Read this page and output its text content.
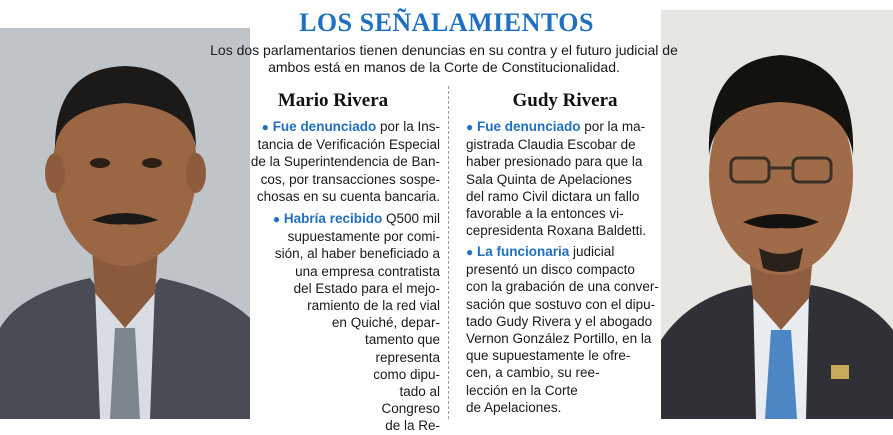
LOS SEÑALAMIENTOS
Los dos parlamentarios tienen denuncias en su contra y el futuro judicial de ambos está en manos de la Corte de Constitucionalidad.
Mario Rivera	Gudy Rivera

● Fue denunciado por la Ins-

tancia de Verificación Especial

de la Superintendencia de Ban-

cos, por transacciones sospe-

chosas en su cuenta bancaria.

● Habría recibido Q500 mil

supuestamente por comi-

sión, al haber beneficiado a

una empresa contratista

del Estado para el mejo-

ramiento de la red vial

en Quiché, depar-

tamento que

representa

como dipu-

tado al

Congreso

de la Re-

● Fue denunciado por la ma-

gistrada Claudia Escobar de

haber presionado para que la

Sala Quinta de Apelaciones

del ramo Civil dictara un fallo

favorable a la entonces vi-

cepresidenta Roxana Baldetti.

● La funcionaria judicial

presentó un disco compacto

con la grabación de una conver-

sación que sostuvo con el dipu-

tado Gudy Rivera y el abogado

Vernon González Portillo, en la

que supuestamente le ofre-

cen, a cambio, su ree-

lección en la Corte

de Apelaciones.
